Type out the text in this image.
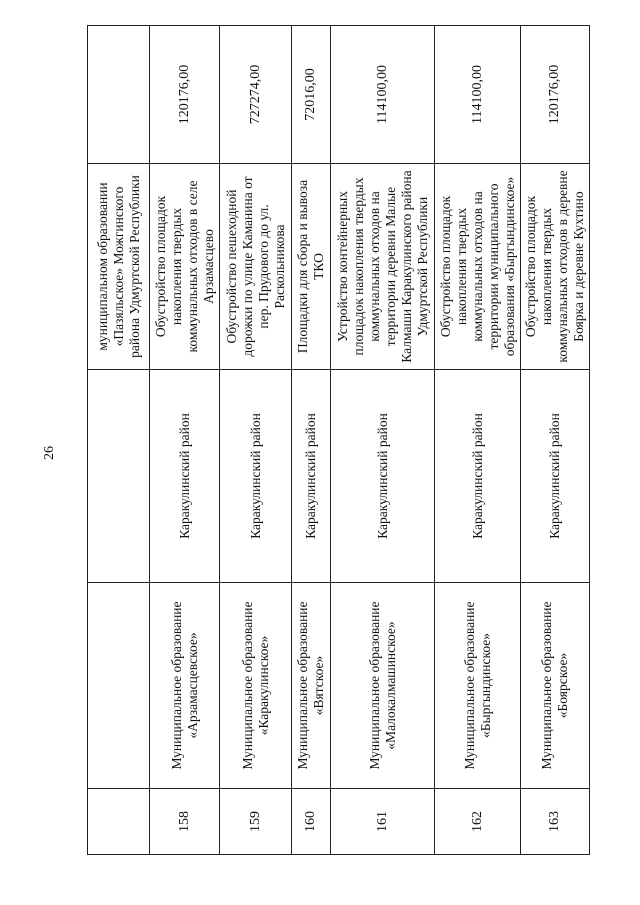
26
			муниципальном образовании «Пазяльское» Можгинского района Удмуртской Республики	
158	Муниципальное образование «Арзамасцевское»	Каракулинский район	Обустройство площадок накопления твердых коммунальных отходов в селе Арзамасцево	120176,00
159	Муниципальное образование «Каракулинское»	Каракулинский район	Обустройство пешеходной дорожки по улице Каманина от пер. Прудового до ул. Раскольникова	727274,00
160	Муниципальное образование «Вятское»	Каракулинский район	Площадки для сбора и вывоза ТКО	72016,00
161	Муниципальное образование «Малокалмашинское»	Каракулинский район	Устройство контейнерных площадок накопления твердых коммунальных отходов на территории деревни Малые Калмаши Каракулинского района Удмуртской Республики	114100,00
162	Муниципальное образование «Быргындинское»	Каракулинский район	Обустройство площадок накопления твердых коммунальных отходов на территории муниципального образования «Быргындинское»	114100,00
163	Муниципальное образование «Боярское»	Каракулинский район	Обустройство площадок накопления твердых коммунальных отходов в деревне Боярка и деревне Кухтино	120176,00
